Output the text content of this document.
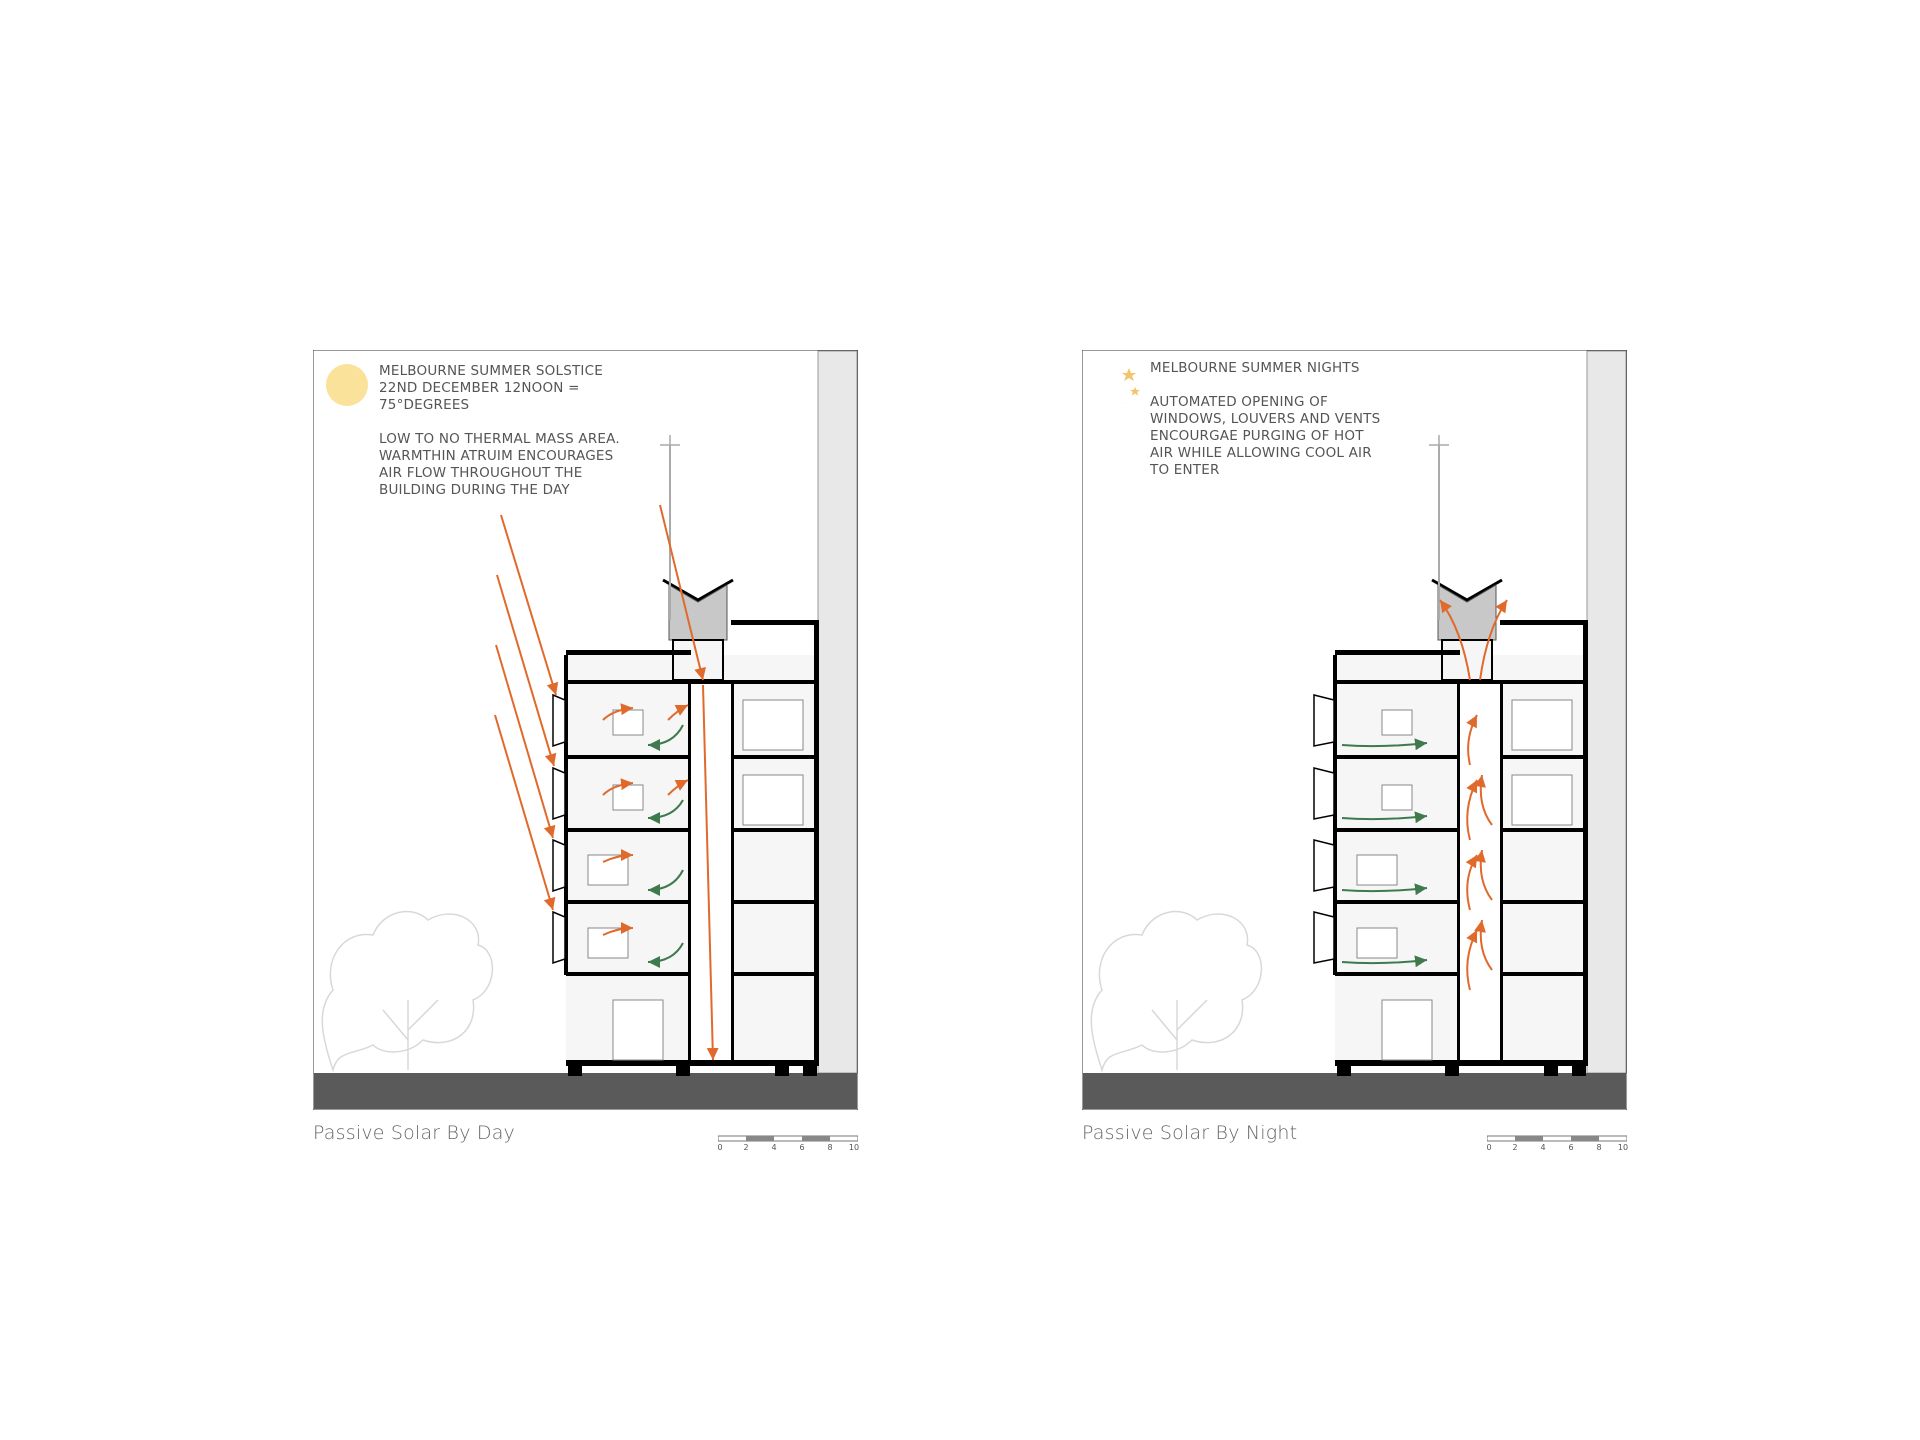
MELBOURNE SUMMER SOLSTICE
22ND DECEMBER 12NOON =
75°DEGREES
LOW TO NO THERMAL MASS AREA.
WARMTHIN ATRUIM ENCOURAGES
AIR FLOW THROUGHOUT THE
BUILDING DURING THE DAY
Passive Solar By Day
0	2	4	6	8 10
MELBOURNE SUMMER NIGHTS
AUTOMATED OPENING OF
WINDOWS, LOUVERS AND VENTS
ENCOURGAE PURGING OF HOT
AIR WHILE ALLOWING COOL AIR
TO ENTER
Passive Solar By Night
0	2	4	6	8 10
